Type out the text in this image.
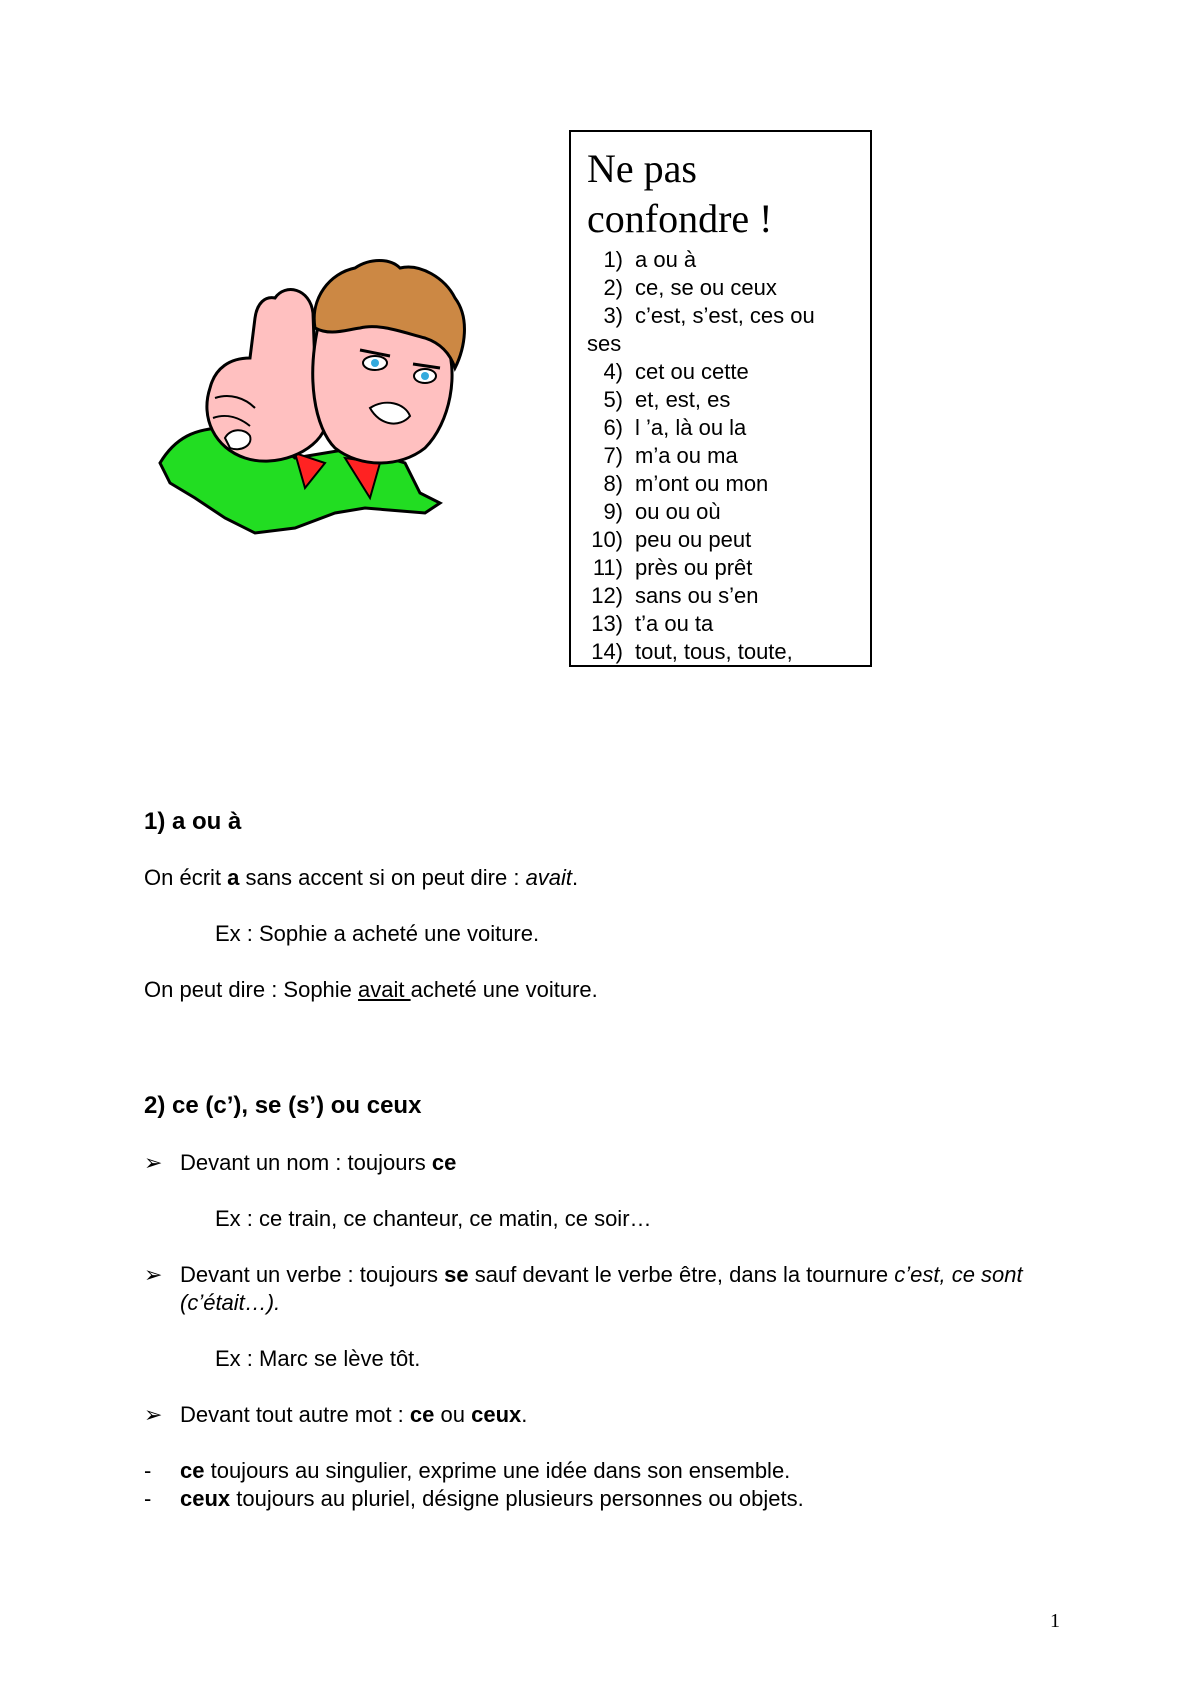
Ne pas confondre !
1) a ou à
2) ce, se ou ceux
3) c’est, s’est, ces ou ses
4) cet ou cette
5) et, est, es
6) l ’a, là ou la
7) m’a ou ma
8) m’ont ou mon
9) ou ou où
10) peu ou peut
11) près ou prêt
12) sans ou s’en
13) t’a ou ta
14) tout, tous, toute,
1) a ou à
On écrit a sans accent si on peut dire : avait.
Ex : Sophie a acheté une voiture.
On peut dire : Sophie avait acheté une voiture.
2) ce (c’), se (s’) ou ceux
➢ Devant un nom : toujours ce
Ex : ce train, ce chanteur, ce matin, ce soir…
➢ Devant un verbe : toujours se sauf devant le verbe être, dans la tournure c’est, ce sont (c’était…).
Ex : Marc se lève tôt.
➢ Devant tout autre mot : ce ou ceux.
- ce toujours au singulier, exprime une idée dans son ensemble.
- ceux toujours au pluriel, désigne plusieurs personnes ou objets.
1
